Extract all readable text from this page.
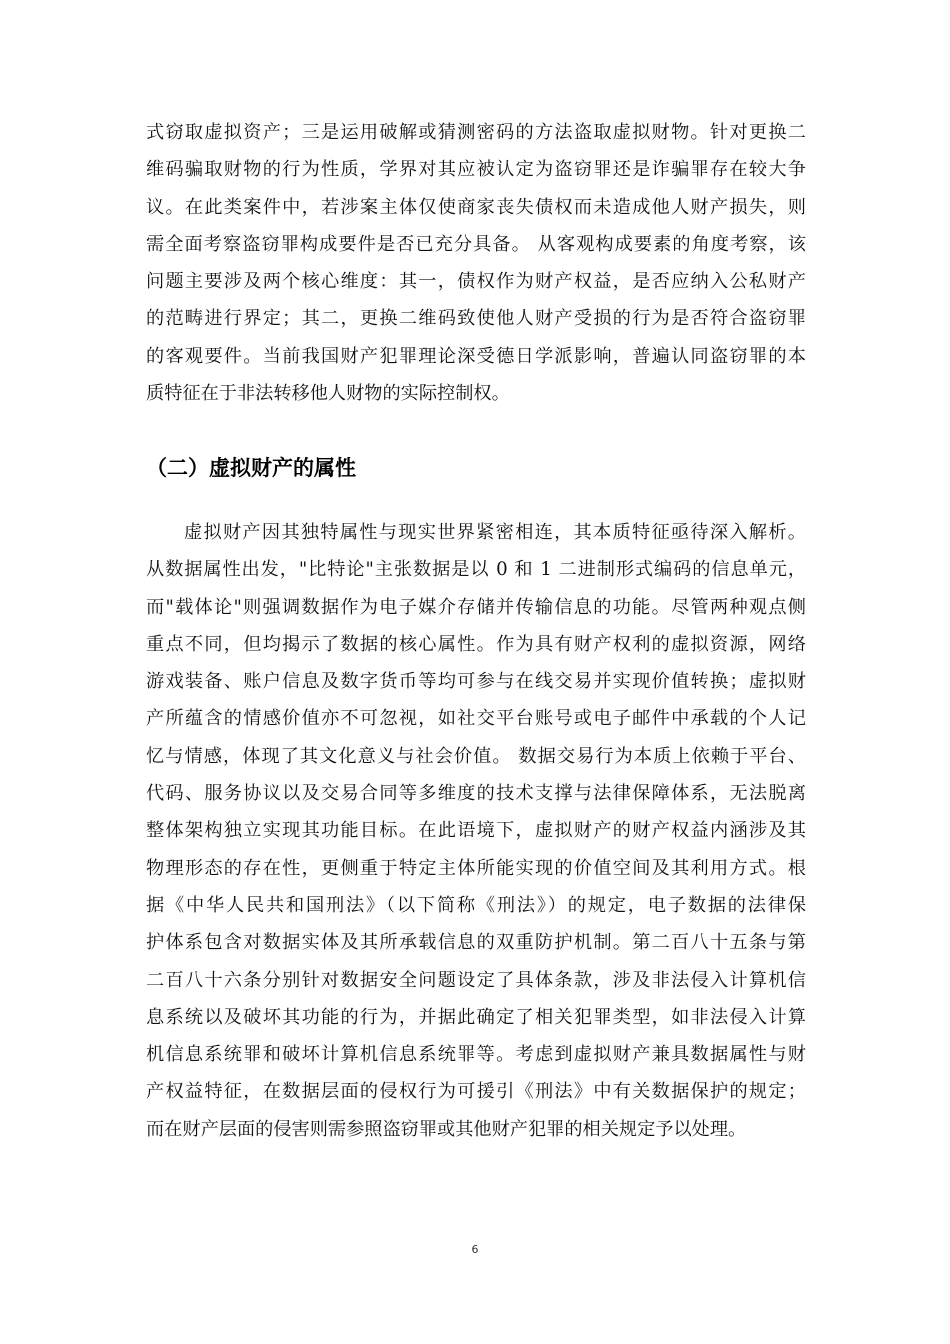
式窃取虚拟资产；三是运用破解或猜测密码的方法盗取虚拟财物。针对更换二
维码骗取财物的行为性质，学界对其应被认定为盗窃罪还是诈骗罪存在较大争
议。在此类案件中，若涉案主体仅使商家丧失债权而未造成他人财产损失，则
需全面考察盗窃罪构成要件是否已充分具备。 从客观构成要素的角度考察，该
问题主要涉及两个核心维度：其一，债权作为财产权益，是否应纳入公私财产
的范畴进行界定；其二，更换二维码致使他人财产受损的行为是否符合盗窃罪
的客观要件。当前我国财产犯罪理论深受德日学派影响，普遍认同盗窃罪的本
质特征在于非法转移他人财物的实际控制权。
（二）虚拟财产的属性
虚拟财产因其独特属性与现实世界紧密相连，其本质特征亟待深入解析。
从数据属性出发，"比特论"主张数据是以 0 和 1 二进制形式编码的信息单元，
而"载体论"则强调数据作为电子媒介存储并传输信息的功能。尽管两种观点侧
重点不同，但均揭示了数据的核心属性。作为具有财产权利的虚拟资源，网络
游戏装备、账户信息及数字货币等均可参与在线交易并实现价值转换；虚拟财
产所蕴含的情感价值亦不可忽视，如社交平台账号或电子邮件中承载的个人记
忆与情感，体现了其文化意义与社会价值。 数据交易行为本质上依赖于平台、
代码、服务协议以及交易合同等多维度的技术支撑与法律保障体系，无法脱离
整体架构独立实现其功能目标。在此语境下，虚拟财产的财产权益内涵涉及其
物理形态的存在性，更侧重于特定主体所能实现的价值空间及其利用方式。根
据《中华人民共和国刑法》（以下简称《刑法》）的规定，电子数据的法律保
护体系包含对数据实体及其所承载信息的双重防护机制。第二百八十五条与第
二百八十六条分别针对数据安全问题设定了具体条款，涉及非法侵入计算机信
息系统以及破坏其功能的行为，并据此确定了相关犯罪类型，如非法侵入计算
机信息系统罪和破坏计算机信息系统罪等。考虑到虚拟财产兼具数据属性与财
产权益特征，在数据层面的侵权行为可援引《刑法》中有关数据保护的规定；
而在财产层面的侵害则需参照盗窃罪或其他财产犯罪的相关规定予以处理。
6
